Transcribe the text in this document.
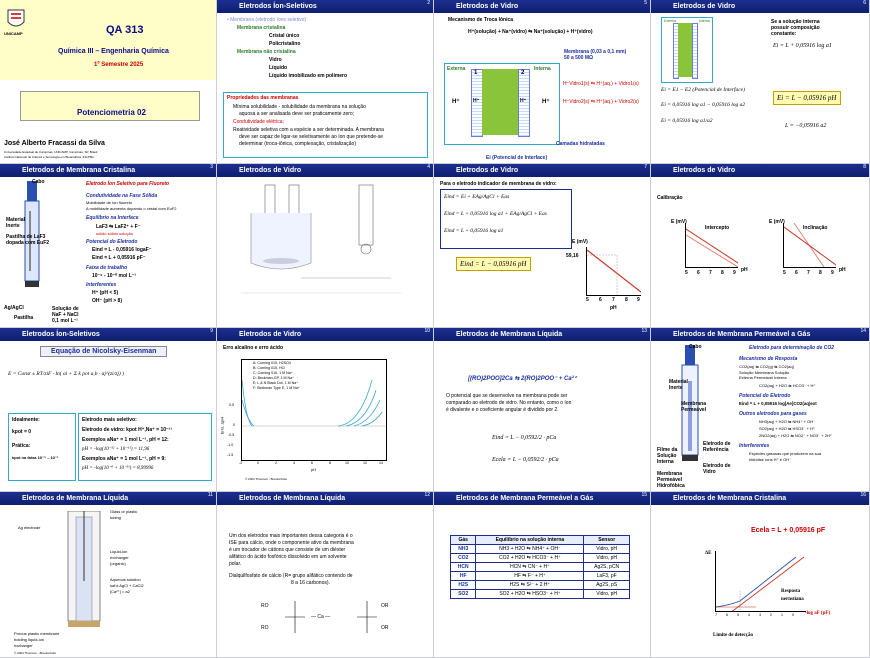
UNICAMP	QA 313
Química III – Engenharia Química
1º Semestre 2025
Potenciometria 02
José Alberto Fracassi da Silva
Universidade Estadual de Campinas, UNICAMP, Campinas, SP, Brasil
Instituto Nacional de Ciência e Tecnologia em Bioanalítica, INCTBio
Eletrodos Íon-Seletivos	2
• Membrana (eletrodo íons seletivo)
Membrana cristalina
Cristal único
Policristalino
Membrana não cristalina
Vidro
Líquido
Líquido imobilizado em polímero
Propriedades das membranas
Mínima solubilidade - solubilidade da membrana na solução
aquosa a ser analisada deve ser praticamente zero;
Condutividade elétrica;
Reatividade seletiva com a espécie a ser determinada. A membrana
deve ser capaz de ligar-se seletivamente ao íon que pretende-se
determinar (troca-iônica, complexação, cristalização)
Eletrodos de Vidro	5
Mecanismo de Troca Iônica
H⁺(solução) + Na⁺(vidro) ⇆ Na⁺(solução) + H⁺(vidro)
Membrana (0,03 a 0,1 mm)
50 a 500 MΩ
Externa	Interna
1	2
H⁺	H⁺	H⁺	H⁺
H⁺Vidro1(s) ⇆ H⁺(aq.) + Vidro1(s)
H⁺Vidro2(s) ⇆ H⁺(aq.) + Vidro2(s)
Camadas hidratadas
Ei (Potencial de Interface)
Eletrodos de Vidro	6
Externa	Interna	Se a solução interna
possuir composição
constante:
Ei = L + 0,05916 log a1
Ei = E1 − E2 (Potencial de Interface)
Ei = 0,05916 log a1 − 0,05916 log a2
Ei = 0,05916 log a1/a2
Ei = L − 0,05916 pH
L = −0,05916 a2
Eletrodos de Membrana Cristalina	3
Cabo
Material
Inerte
Pastilha de LaF3
dopada com EuF2
Ag/AgCl
Pastilha
Solução de
NaF + NaCl
0,1 mol L⁻¹
Eletrodo Íon Seletivo para Fluoreto
Condutividade na Fase Sólida
Mobilidade de íon fluoreto
A mobilidade aumenta dopando o cristal com EuF2
Equilíbrio na Interface
LaF3 ⇆ LaF2⁺ + F⁻
sólido sólido solução
Potencial do Eletrodo
Eind = L - 0,05916 logaF⁻
Eind = L + 0,05916 pF⁻
Faixa de trabalho
10⁻⁶ - 10⁻⁰ mol L⁻¹
Interferentes
H⁺ (pH < 5)
OH⁻ (pH > 8)
Eletrodos de Vidro	4	Eletrodos de Vidro	7
Para o eletrodo indicador de membrana de vidro:
Eind = Ei + EAg/AgCl + Eas
Eind = L + 0,05916 log a1 + EAg/AgCl + Eas
Eind = L + 0,05916 log a1
Eind = L − 0,05916 pH
E (mV)
59,16
5 6 7 8 9
pH
Eletrodos de Vidro	8
Calibração
E (mV)
Intercepto
5 6 7 8 9 pH
E (mV)
Inclinação
5 6 7 8 9 pH
Eletrodos Íon-Seletivos	9
Equação de Nicolsky-Eisenman
E = Const ± RT/ziF · ln( ai + Σ k pot a,b · aj^(zi/zj) )
Idealmente:
kpot = 0
Prática:
kpot na faixa 10⁻⁵ – 10⁻¹
Eletrodo mais seletivo:
Eletrodo de vidro: kpot H⁺,Na⁺ = 10⁻¹¹
Exemplos aNa⁺ = 1 mol L⁻¹, pH = 12:
pH = -log(10⁻¹² + 10⁻¹¹) = 11,96
Exemplos aNa⁺ = 1 mol L⁻¹, pH = 9:
pH = -log(10⁻⁹ + 10⁻¹¹) = 8,99996
Eletrodos de Vidro	10
Erro alcalino e erro ácido
Erro, ΔpH
A: Corning 015, H2SO4
B: Corning 015, HCl
C: Corning 015, 1 M Na⁺
D: Beckman-GP, 1 M Na⁺
E: L & N Black Dot, 1 M Na⁺
F: Beckman Type E, 1 M Na⁺
0.5
0
-0.5
-1.0
-1.5
-2	0	2	4	6	8	10	12	14
pH
© 2004 Thomson - Brooks/Cole
Eletrodos de Membrana Líquida	13
[(RO)2POO]2Ca ⇆ 2(RO)2POO⁻ + Ca²⁺
O potencial que se desenvolve na membrana pode ser
comparado ao eletrodo de vidro. No entanto, como o íon
é divalente e o coeficiente angular é dividido por 2.
Eind = L − 0,0592/2 · pCa
Ecela = L − 0,0592/2 · pCa
Eletrodos de Membrana Permeável a Gás	14
Cabo
Material
Inerte
Membrana
Permeável
Filme da
Solução
Interna
Eletrodo de
Referência
Eletrodo de
Vidro
Membrana
Permeável
Hidrofóbica
Eletrodo para determinação de CO2
Mecanismo de Resposta
CO2(aq) ⇆ CO2(g) ⇆ CO2(aq)
Solução Membrana Solução
Externa Permeável Interna
CO2(aq) + H2O ⇆ HCO3⁻ + H⁺
Potencial do Eletrodo
Eind = L + 0,05916 log[Ae]CO2(aq)ext
Outros eletrodos para gases
NH3(aq) + H2O ⇆ NH4⁺ + OH⁻
SO2(aq) + H2O ⇆ HSO3⁻ + H⁺
2NO2(aq) + H2O ⇆ NO2⁻ + NO3⁻ + 2H⁺
Interferentes
Espécies gasosas que produzem na sua
hidrólise íons H⁺ e OH⁻
Eletrodos de Membrana Líquida	11
Ag electrode
Glass or plastic
tubing
Liquid-ion
exchanger
(organic)
Aqueous solution
sat'd AgCl + CaCl2
[Ca²⁺] = a2
Porous plastic membrane
holding liquid-ion
exchanger
© 2004 Thomson - Brooks/Cole
Eletrodos de Membrana Líquida	12
Um dos eletrodos mais importantes dessa categoria é o
ISE para cálcio, onde o componente ativo da membrana
é um trocador de cátions que consiste de um diéster
alifático do ácido fosfórico dissolvido em um solvente
polar.
Dialquilfosfato de cálcio (R= grupo alifático contendo de
8 a 16 carbonos).
RO
RO
— Ca —
OR
OR
Eletrodos de Membrana Permeável a Gás	15
Gás	Equilíbrio na solução interna	Sensor
NH3	NH3 + H2O ⇆ NH4⁺ + OH⁻	Vidro, pH
CO2	CO2 + H2O ⇆ HCO3⁻ + H⁺	Vidro, pH
HCN	HCN ⇆ CN⁻ + H⁺	Ag2S, pCN
HF	HF ⇆ F⁻ + H⁺	LaF3, pF
H2S	H2S ⇆ S²⁻ + 2 H⁺	Ag2S, pS
SO2	SO2 + H2O ⇆ HSO3⁻ + H⁺	Vidro, pH
Eletrodos de Membrana Cristalina	16
Ecela = L + 0,05916 pF
ΔE
Resposta
nernstiana
7	6	5	4	3	2	1	0 -log aF (pF)
Limite de detecção
